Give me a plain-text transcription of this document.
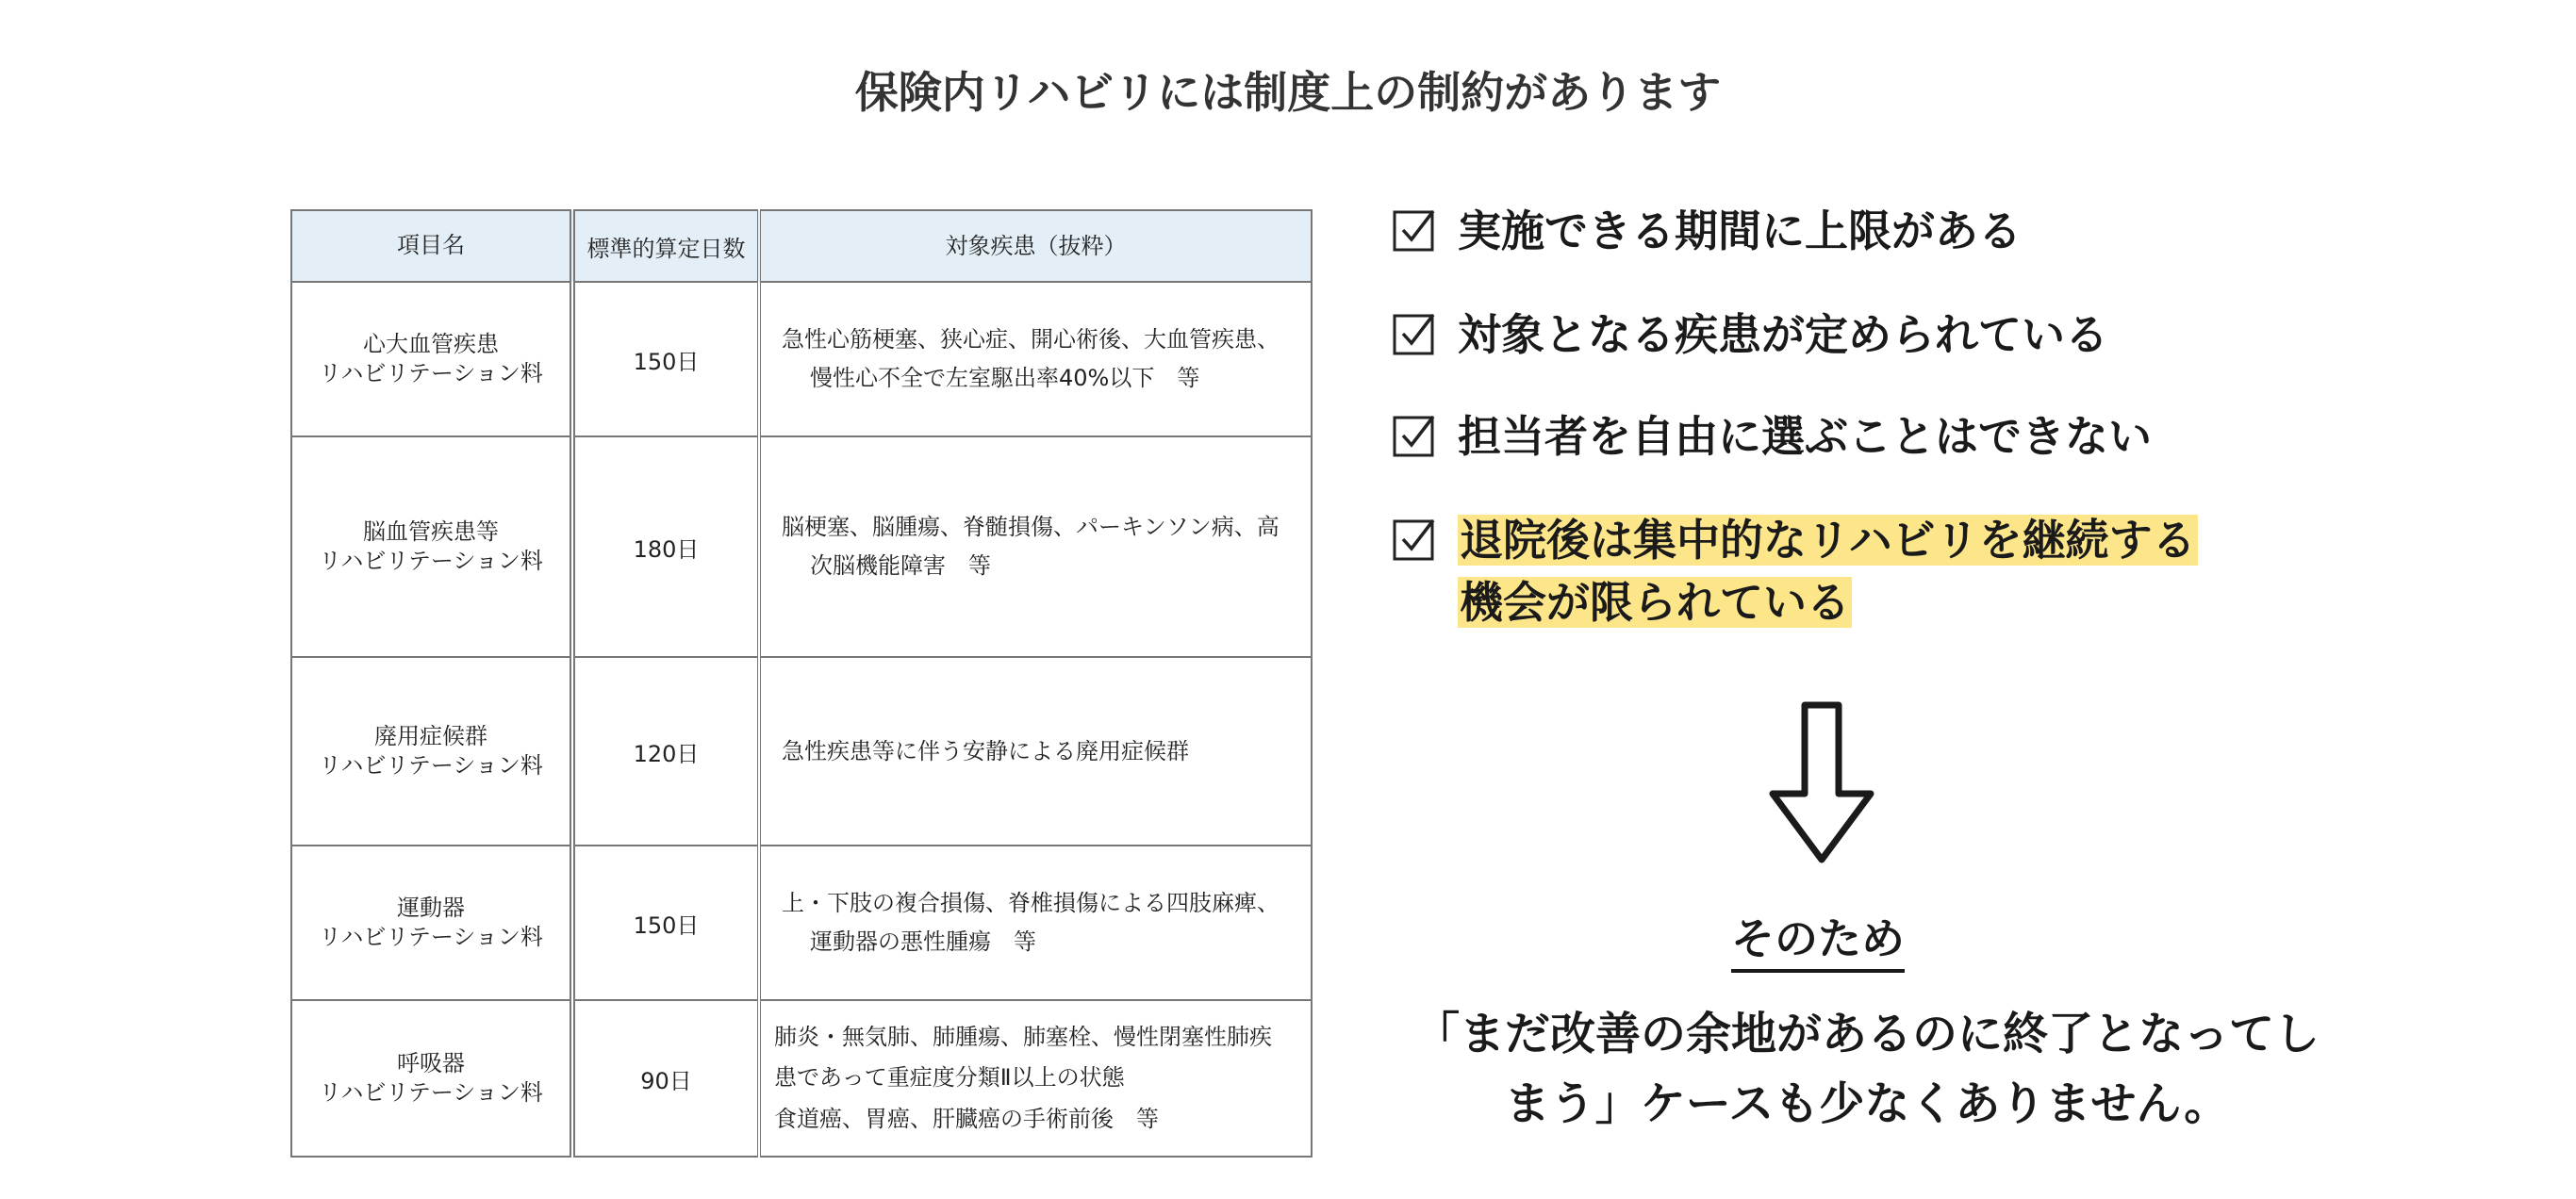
保険内リハビリには制度上の制約があります
項目名	標準的算定日数	対象疾患（抜粋）
心大血管疾患
リハビリテーション料	150日	急性心筋梗塞、狭心症、開心術後、大血管疾患、慢性心不全で左室駆出率40%以下　等

脳血管疾患等
リハビリテーション料	180日	脳梗塞、脳腫瘍、脊髄損傷、パーキンソン病、高次脳機能障害　等

廃用症候群
リハビリテーション料	120日	急性疾患等に伴う安静による廃用症候群

運動器
リハビリテーション料	150日	上・下肢の複合損傷、脊椎損傷による四肢麻痺、運動器の悪性腫瘍　等

呼吸器
リハビリテーション料	90日	肺炎・無気肺、肺腫瘍、肺塞栓、慢性閉塞性肺疾
患であって重症度分類Ⅱ以上の状態
食道癌、胃癌、肝臓癌の手術前後　等
実施できる期間に上限がある
対象となる疾患が定められている
担当者を自由に選ぶことはできない
退院後は集中的なリハビリを継続する
機会が限られている
そのため
「まだ改善の余地があるのに終了となってし
まう」ケースも少なくありません。
